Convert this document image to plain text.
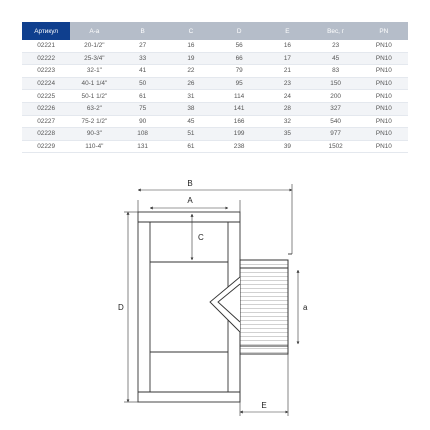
Артикул	A-a	B	C	D	E	Вес, г	PN
02221	20-1/2"	27	16	56	16	23	PN10
02222	25-3/4"	33	19	66	17	45	PN10
02223	32-1"	41	22	79	21	83	PN10
02224	40-1 1/4"	50	26	95	23	150	PN10
02225	50-1 1/2"	61	31	114	24	200	PN10
02226	63-2"	75	38	141	28	327	PN10
02227	75-2 1/2"	90	45	166	32	540	PN10
02228	90-3"	108	51	199	35	977	PN10
02229	110-4"	131	61	238	39	1502	PN10
B
A
C
D	a
E
